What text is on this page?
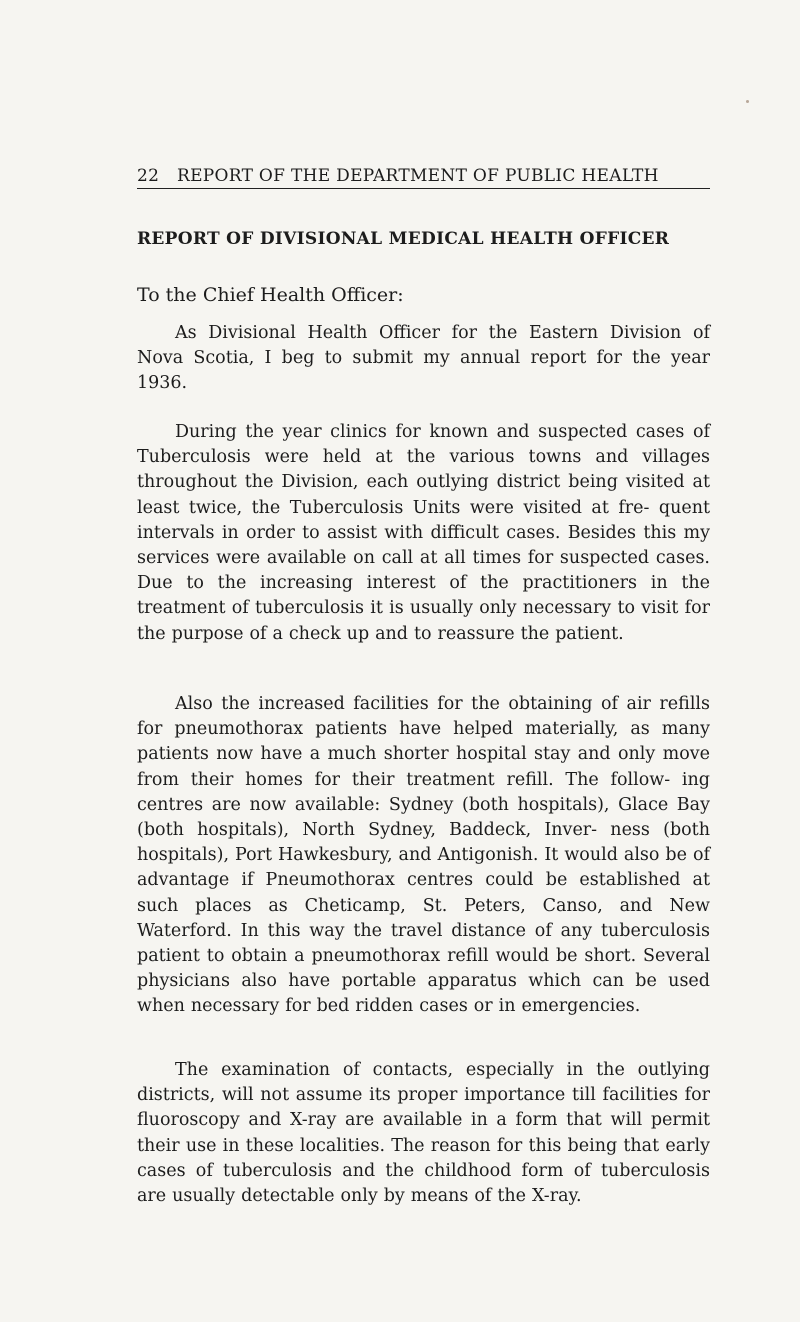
22 REPORT OF THE DEPARTMENT OF PUBLIC HEALTH
REPORT OF DIVISIONAL MEDICAL HEALTH OFFICER
To the Chief Health Officer:

As Divisional Health Officer for the Eastern Division of Nova Scotia, I beg to submit my annual report for the year 1936.

During the year clinics for known and suspected cases of Tuberculosis were held at the various towns and villages throughout the Division, each outlying district being visited at least twice, the Tuberculosis Units were visited at fre- quent intervals in order to assist with difficult cases. Besides this my services were available on call at all times for suspected cases. Due to the increasing interest of the practitioners in the treatment of tuberculosis it is usually only necessary to visit for the purpose of a check up and to reassure the patient.

Also the increased facilities for the obtaining of air refills for pneumothorax patients have helped materially, as many patients now have a much shorter hospital stay and only move from their homes for their treatment refill. The follow- ing centres are now available: Sydney (both hospitals), Glace Bay (both hospitals), North Sydney, Baddeck, Inver- ness (both hospitals), Port Hawkesbury, and Antigonish. It would also be of advantage if Pneumothorax centres could be established at such places as Cheticamp, St. Peters, Canso, and New Waterford. In this way the travel distance of any tuberculosis patient to obtain a pneumothorax refill would be short. Several physicians also have portable apparatus which can be used when necessary for bed ridden cases or in emergencies.

The examination of contacts, especially in the outlying districts, will not assume its proper importance till facilities for fluoroscopy and X-ray are available in a form that will permit their use in these localities. The reason for this being that early cases of tuberculosis and the childhood form of tuberculosis are usually detectable only by means of the X-ray.
